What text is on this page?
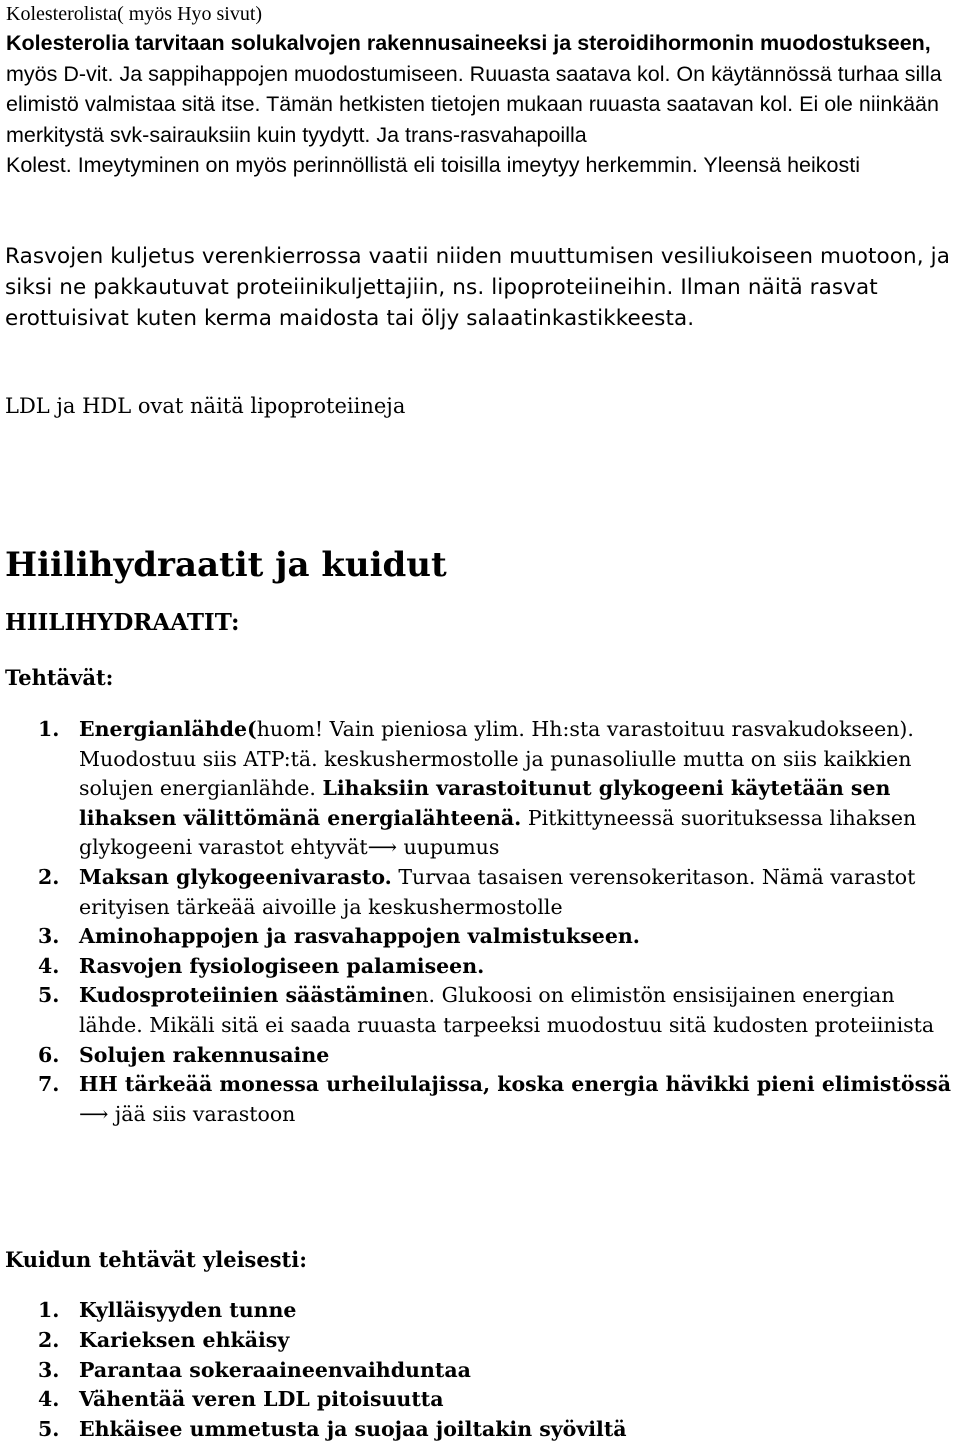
Kolesterolista( myös Hyo sivut)

Kolesterolia tarvitaan solukalvojen rakennusaineeksi ja steroidihormonin muodostukseen, myös D-vit. Ja sappihappojen muodostumiseen. Ruuasta saatava kol. On käytännössä turhaa silla elimistö valmistaa sitä itse. Tämän hetkisten tietojen mukaan ruuasta saatavan kol. Ei ole niinkään merkitystä svk-sairauksiin kuin tyydytt. Ja trans-rasvahapoilla

Kolest. Imeytyminen on myös perinnöllistä eli toisilla imeytyy herkemmin. Yleensä heikosti

Rasvojen kuljetus verenkierrossa vaatii niiden muuttumisen vesiliukoiseen muotoon, ja siksi ne pakkautuvat proteiinikuljettajiin, ns. lipoproteiineihin. Ilman näitä rasvat erottuisivat kuten kerma maidosta tai öljy salaatinkastikkeesta.

LDL ja HDL ovat näitä lipoproteiineja
Hiilihydraatit ja kuidut
HIILIHYDRAATIT:
Tehtävät:
1. Energianlähde(huom! Vain pieniosa ylim. Hh:sta varastoituu rasvakudokseen). Muodostuu siis ATP:tä. keskushermostolle ja punasoliulle mutta on siis kaikkien solujen energianlähde. Lihaksiin varastoitunut glykogeeni käytetään sen lihaksen välittömänä energialähteenä. Pitkittyneessä suorituksessa lihaksen glykogeeni varastot ehtyvät⟶ uupumus
2. Maksan glykogeenivarasto. Turvaa tasaisen verensokeritason. Nämä varastot erityisen tärkeää aivoille ja keskushermostolle
3. Aminohappojen ja rasvahappojen valmistukseen.
4. Rasvojen fysiologiseen palamiseen.
5. Kudosproteiinien säästäminen. Glukoosi on elimistön ensisijainen energian lähde. Mikäli sitä ei saada ruuasta tarpeeksi muodostuu sitä kudosten proteiinista
6. Solujen rakennusaine
7. HH tärkeää monessa urheilulajissa, koska energia hävikki pieni elimistössä ⟶ jää siis varastoon
Kuidun tehtävät yleisesti:
1. Kylläisyyden tunne
2. Karieksen ehkäisy
3. Parantaa sokeraaineenvaihduntaa
4. Vähentää veren LDL pitoisuutta
5. Ehkäisee ummetusta ja suojaa joiltakin syöviltä
